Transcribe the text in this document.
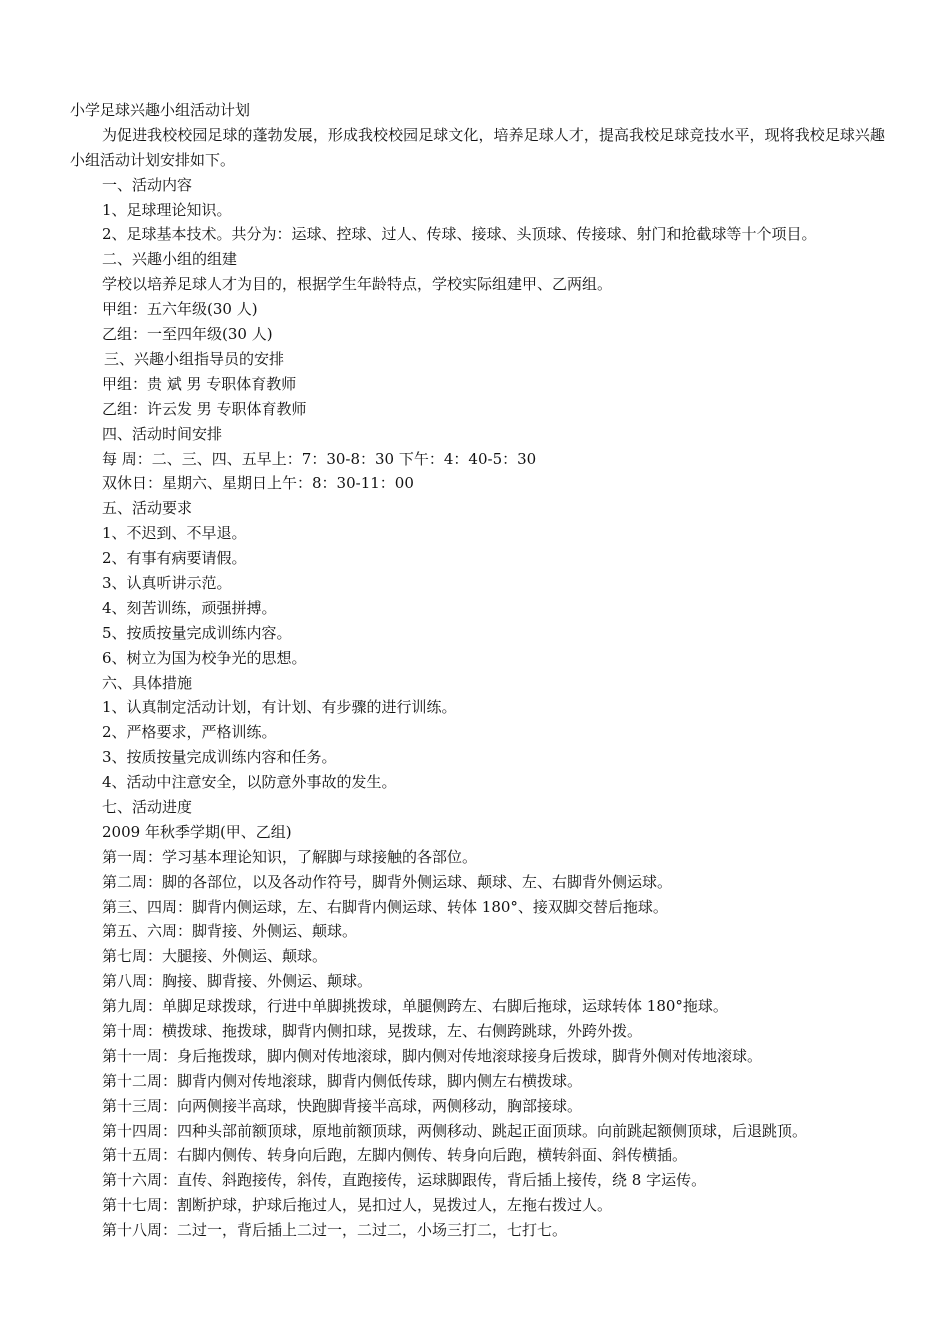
小学足球兴趣小组活动计划
为促进我校校园足球的蓬勃发展，形成我校校园足球文化，培养足球人才，提高我校足球竞技水平，现将我校足球兴趣小组活动计划安排如下。
一、活动内容
1、足球理论知识。
2、足球基本技术。共分为：运球、控球、过人、传球、接球、头顶球、传接球、射门和抢截球等十个项目。
二、兴趣小组的组建
学校以培养足球人才为目的，根据学生年龄特点，学校实际组建甲、乙两组。
甲组：五六年级(30 人)
乙组：一至四年级(30 人)
三、兴趣小组指导员的安排
甲组：贵 斌 男 专职体育教师
乙组：许云发 男 专职体育教师
四、活动时间安排
每 周：二、三、四、五早上：7：30-8：30 下午：4：40-5：30
双休日：星期六、星期日上午：8：30-11：00
五、活动要求
1、不迟到、不早退。
2、有事有病要请假。
3、认真听讲示范。
4、刻苦训练，顽强拼搏。
5、按质按量完成训练内容。
6、树立为国为校争光的思想。
六、具体措施
1、认真制定活动计划，有计划、有步骤的进行训练。
2、严格要求，严格训练。
3、按质按量完成训练内容和任务。
4、活动中注意安全，以防意外事故的发生。
七、活动进度
2009 年秋季学期(甲、乙组)
第一周：学习基本理论知识，了解脚与球接触的各部位。
第二周：脚的各部位，以及各动作符号，脚背外侧运球、颠球、左、右脚背外侧运球。
第三、四周：脚背内侧运球，左、右脚背内侧运球、转体 180°、接双脚交替后拖球。
第五、六周：脚背接、外侧运、颠球。
第七周：大腿接、外侧运、颠球。
第八周：胸接、脚背接、外侧运、颠球。
第九周：单脚足球拨球，行进中单脚挑拨球，单腿侧跨左、右脚后拖球，运球转体 180°拖球。
第十周：横拨球、拖拨球，脚背内侧扣球，晃拨球，左、右侧跨跳球，外跨外拨。
第十一周：身后拖拨球，脚内侧对传地滚球，脚内侧对传地滚球接身后拨球，脚背外侧对传地滚球。
第十二周：脚背内侧对传地滚球，脚背内侧低传球，脚内侧左右横拨球。
第十三周：向两侧接半高球，快跑脚背接半高球，两侧移动，胸部接球。
第十四周：四种头部前额顶球，原地前额顶球，两侧移动、跳起正面顶球。向前跳起额侧顶球，后退跳顶。
第十五周：右脚内侧传、转身向后跑，左脚内侧传、转身向后跑，横转斜面、斜传横插。
第十六周：直传、斜跑接传，斜传，直跑接传，运球脚跟传，背后插上接传，绕 8 字运传。
第十七周：割断护球，护球后拖过人，晃扣过人，晃拨过人，左拖右拨过人。
第十八周：二过一，背后插上二过一，二过二，小场三打二，七打七。
